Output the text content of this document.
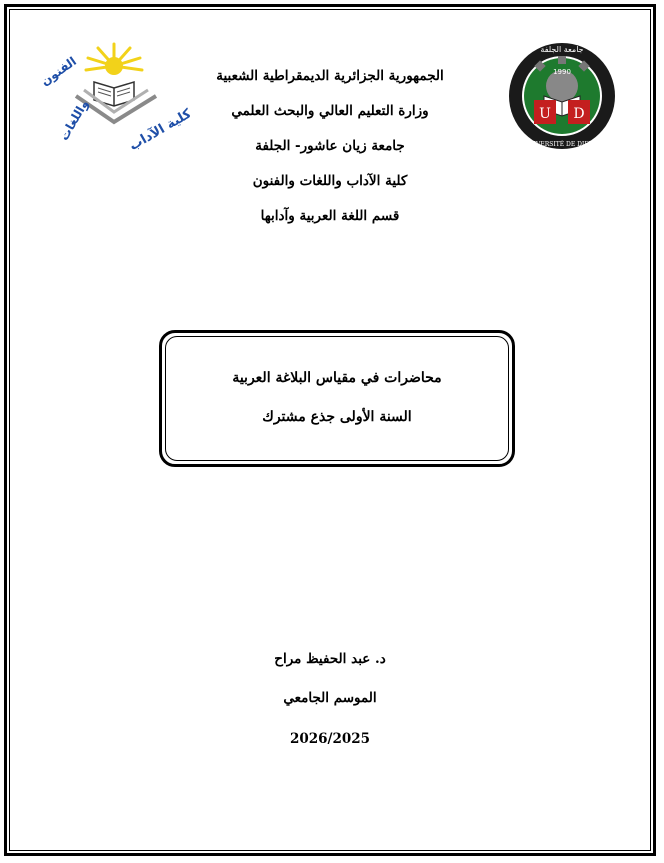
الفنون
واللغات	كلية الآداب	U D
1990
جامعة الجلفة
UNIVERSITÉ DE DJELFA
الجمهورية الجزائرية الديمقراطية الشعبية
وزارة التعليم العالي والبحث العلمي
جامعة زيان عاشور- الجلفة
كلية الآداب واللغات والفنون
قسم اللغة العربية وآدابها
محاضرات في مقياس البلاغة العربية
السنة الأولى جذع مشترك
د. عبد الحفيظ مراح
الموسم الجامعي
2026/2025
